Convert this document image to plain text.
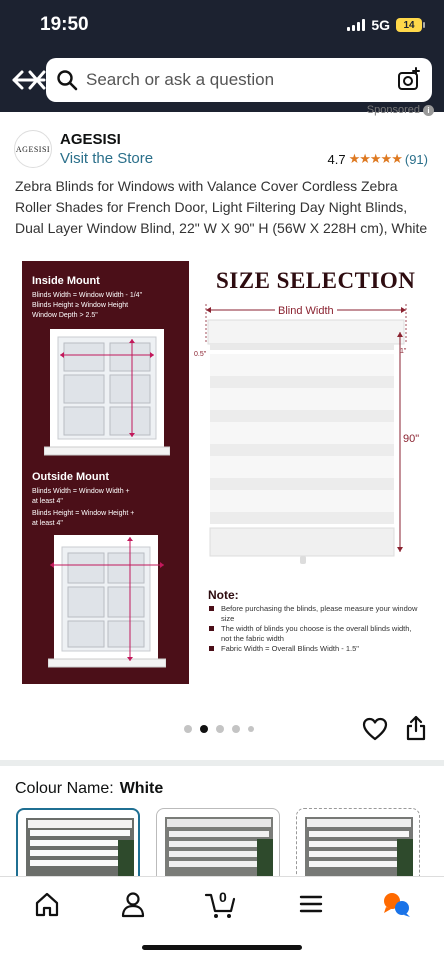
19:50	5G 14
Search or ask a question
Sponsored i
AGESISI
AGESISI
Visit the Store	4.7 ★★★★★ (91)
Zebra Blinds for Windows with Valance Cover Cordless Zebra Roller Shades for French Door, Light Filtering Day Night Blinds, Dual Layer Window Blind, 22" W X 90" H (56W X 228H cm), White
Inside Mount
Blinds Width = Window Width - 1/4"
Blinds Height ≥ Window Height
Window Depth > 2.5"
Outside Mount
Blinds Width = Window Width +
at least 4"
Blinds Height = Window Height +
at least 4"
SIZE SELECTION
Blind Width
90"
0.5"	1"
Note:
Before purchasing the blinds, please measure your window size
The width of blinds you choose is the overall blinds width, not the fabric width
Fabric Width = Overall Blinds Width - 1.5"
Colour Name: White
0
